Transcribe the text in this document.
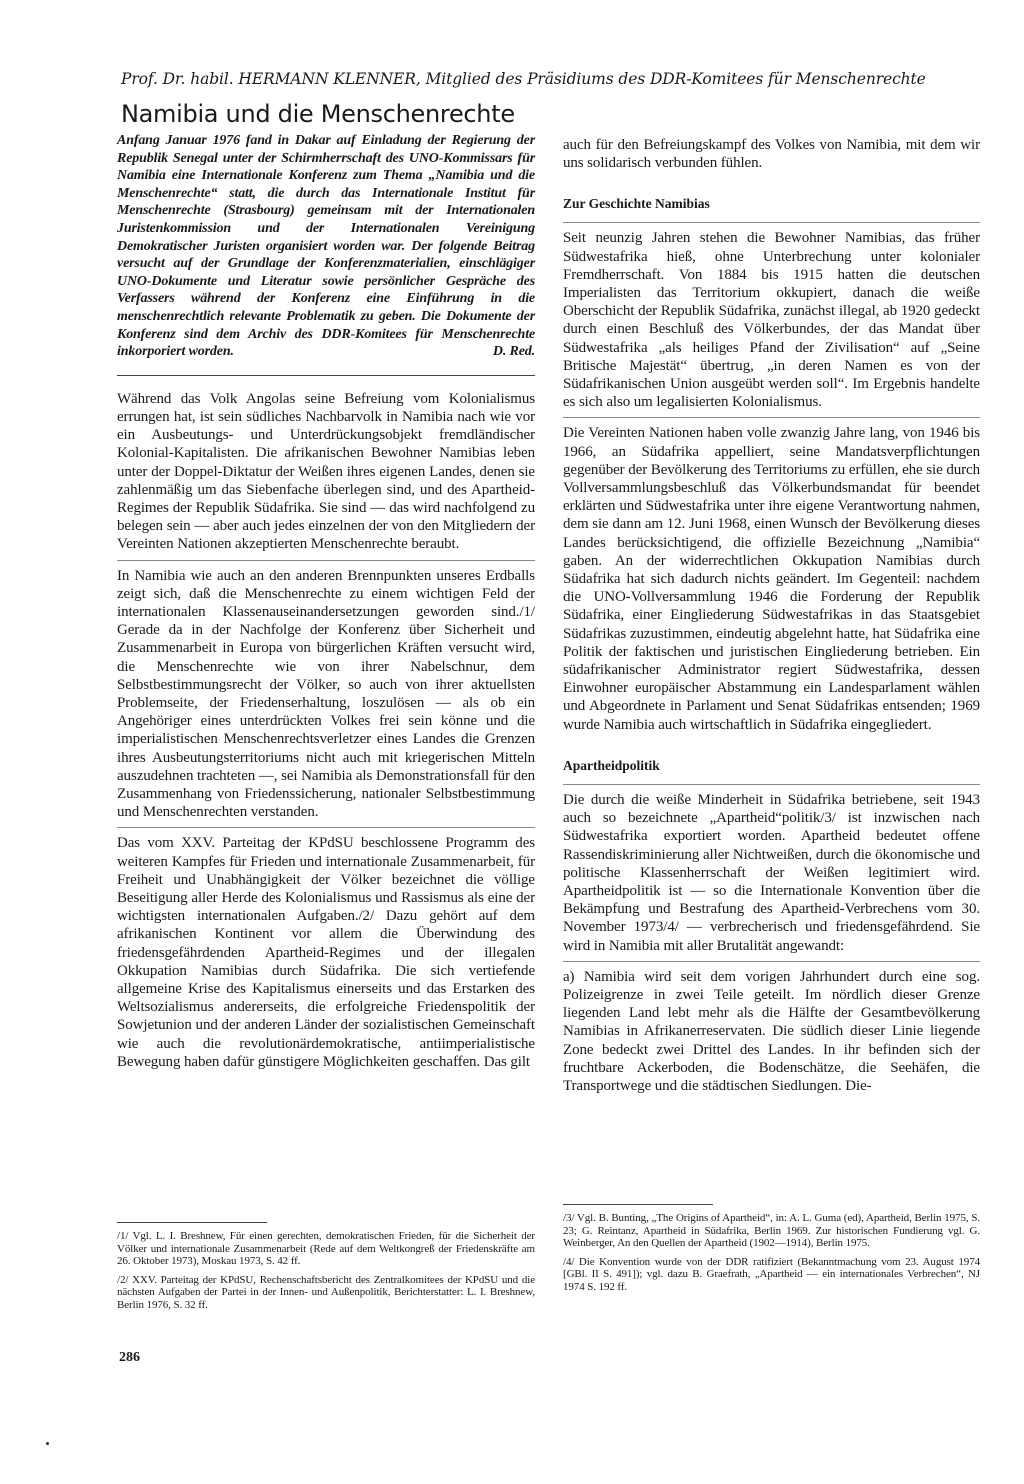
Prof. Dr. habil. HERMANN KLENNER, Mitglied des Präsidiums des DDR-Komitees für Menschenrechte
Namibia und die Menschenrechte
Anfang Januar 1976 fand in Dakar auf Einladung der Regierung der Republik Senegal unter der Schirmherrschaft des UNO-Kommissars für Namibia eine Internationale Konferenz zum Thema „Namibia und die Menschenrechte“ statt, die durch das Internationale Institut für Menschenrechte (Strasbourg) gemeinsam mit der Internationalen Juristenkommission und der Internationalen Vereinigung Demokratischer Juristen organisiert worden war. Der folgende Beitrag versucht auf der Grundlage der Konferenzmaterialien, einschlägiger UNO-Dokumente und Literatur sowie persönlicher Gespräche des Verfassers während der Konferenz eine Einführung in die menschenrechtlich relevante Problematik zu geben. Die Dokumente der Konferenz sind dem Archiv des DDR-Komitees für Menschenrechte inkorporiert worden.	D. Red.

Während das Volk Angolas seine Befreiung vom Kolonialismus errungen hat, ist sein südliches Nachbarvolk in Namibia nach wie vor ein Ausbeutungs- und Unterdrückungsobjekt fremdländischer Kolonial-Kapitalisten. Die afrikanischen Bewohner Namibias leben unter der Doppel-Diktatur der Weißen ihres eigenen Landes, denen sie zahlenmäßig um das Siebenfache überlegen sind, und des Apartheid-Regimes der Republik Südafrika. Sie sind — das wird nachfolgend zu belegen sein — aber auch jedes einzelnen der von den Mitgliedern der Vereinten Nationen akzeptierten Menschenrechte beraubt.

In Namibia wie auch an den anderen Brennpunkten unseres Erdballs zeigt sich, daß die Menschenrechte zu einem wichtigen Feld der internationalen Klassenauseinandersetzungen geworden sind./1/ Gerade da in der Nachfolge der Konferenz über Sicherheit und Zusammenarbeit in Europa von bürgerlichen Kräften versucht wird, die Menschenrechte wie von ihrer Nabelschnur, dem Selbstbestimmungsrecht der Völker, so auch von ihrer aktuellsten Problemseite, der Friedenserhaltung, loszulösen — als ob ein Angehöriger eines unterdrückten Volkes frei sein könne und die imperialistischen Menschenrechtsverletzer eines Landes die Grenzen ihres Ausbeutungsterritoriums nicht auch mit kriegerischen Mitteln auszudehnen trachteten —, sei Namibia als Demonstrationsfall für den Zusammenhang von Friedenssicherung, nationaler Selbstbestimmung und Menschenrechten verstanden.

Das vom XXV. Parteitag der KPdSU beschlossene Programm des weiteren Kampfes für Frieden und internationale Zusammenarbeit, für Freiheit und Unabhängigkeit der Völker bezeichnet die völlige Beseitigung aller Herde des Kolonialismus und Rassismus als eine der wichtigsten internationalen Aufgaben./2/ Dazu gehört auf dem afrikanischen Kontinent vor allem die Überwindung des friedensgefährdenden Apartheid-Regimes und der illegalen Okkupation Namibias durch Südafrika. Die sich vertiefende allgemeine Krise des Kapitalismus einerseits und das Erstarken des Weltsozialismus andererseits, die erfolgreiche Friedenspolitik der Sowjetunion und der anderen Länder der sozialistischen Gemeinschaft wie auch die revolutionärdemokratische, antiimperialistische Bewegung haben dafür günstigere Möglichkeiten geschaffen. Das gilt

auch für den Befreiungskampf des Volkes von Namibia, mit dem wir uns solidarisch verbunden fühlen.

Zur Geschichte Namibias

Seit neunzig Jahren stehen die Bewohner Namibias, das früher Südwestafrika hieß, ohne Unterbrechung unter kolonialer Fremdherrschaft. Von 1884 bis 1915 hatten die deutschen Imperialisten das Territorium okkupiert, danach die weiße Oberschicht der Republik Südafrika, zunächst illegal, ab 1920 gedeckt durch einen Beschluß des Völkerbundes, der das Mandat über Südwestafrika „als heiliges Pfand der Zivilisation“ auf „Seine Britische Majestät“ übertrug, „in deren Namen es von der Südafrikanischen Union ausgeübt werden soll“. Im Ergebnis handelte es sich also um legalisierten Kolonialismus.

Die Vereinten Nationen haben volle zwanzig Jahre lang, von 1946 bis 1966, an Südafrika appelliert, seine Mandatsverpflichtungen gegenüber der Bevölkerung des Territoriums zu erfüllen, ehe sie durch Vollversammlungsbeschluß das Völkerbundsmandat für beendet erklärten und Südwestafrika unter ihre eigene Verantwortung nahmen, dem sie dann am 12. Juni 1968, einen Wunsch der Bevölkerung dieses Landes berücksichtigend, die offizielle Bezeichnung „Namibia“ gaben. An der widerrechtlichen Okkupation Namibias durch Südafrika hat sich dadurch nichts geändert. Im Gegenteil: nachdem die UNO-Vollversammlung 1946 die Forderung der Republik Südafrika, einer Eingliederung Südwestafrikas in das Staatsgebiet Südafrikas zuzustimmen, eindeutig abgelehnt hatte, hat Südafrika eine Politik der faktischen und juristischen Eingliederung betrieben. Ein südafrikanischer Administrator regiert Südwestafrika, dessen Einwohner europäischer Abstammung ein Landesparlament wählen und Abgeordnete in Parlament und Senat Südafrikas entsenden; 1969 wurde Namibia auch wirtschaftlich in Südafrika eingegliedert.

Apartheidpolitik

Die durch die weiße Minderheit in Südafrika betriebene, seit 1943 auch so bezeichnete „Apartheid“politik/3/ ist inzwischen nach Südwestafrika exportiert worden. Apartheid bedeutet offene Rassendiskriminierung aller Nichtweißen, durch die ökonomische und politische Klassenherrschaft der Weißen legitimiert wird. Apartheidpolitik ist — so die Internationale Konvention über die Bekämpfung und Bestrafung des Apartheid-Verbrechens vom 30. November 1973/4/ — verbrecherisch und friedensgefährdend. Sie wird in Namibia mit aller Brutalität angewandt:

a) Namibia wird seit dem vorigen Jahrhundert durch eine sog. Polizeigrenze in zwei Teile geteilt. Im nördlich dieser Grenze liegenden Land lebt mehr als die Hälfte der Gesamtbevölkerung Namibias in Afrikanerreservaten. Die südlich dieser Linie liegende Zone bedeckt zwei Drittel des Landes. In ihr befinden sich der fruchtbare Ackerboden, die Bodenschätze, die Seehäfen, die Transportwege und die städtischen Siedlungen. Die-

/1/ Vgl. L. I. Breshnew, Für einen gerechten, demokratischen Frieden, für die Sicherheit der Völker und internationale Zusammenarbeit (Rede auf dem Weltkongreß der Friedenskräfte am 26. Oktober 1973), Moskau 1973, S. 42 ff.

/2/ XXV. Parteitag der KPdSU, Rechenschaftsbericht des Zentralkomitees der KPdSU und die nächsten Aufgaben der Partei in der Innen- und Außenpolitik, Berichterstatter: L. I. Breshnew, Berlin 1976, S. 32 ff.

/3/ Vgl. B. Bunting, „The Origins of Apartheid“, in: A. L. Guma (ed), Apartheid, Berlin 1975, S. 23; G. Reintanz, Apartheid in Südafrika, Berlin 1969. Zur historischen Fundierung vgl. G. Weinberger, An den Quellen der Apartheid (1902—1914), Berlin 1975.

/4/ Die Konvention wurde von der DDR ratifiziert (Bekanntmachung vom 23. August 1974 [GBl. II S. 491]); vgl. dazu B. Graefrath, „Apartheid — ein internationales Verbrechen“, NJ 1974 S. 192 ff.

286
